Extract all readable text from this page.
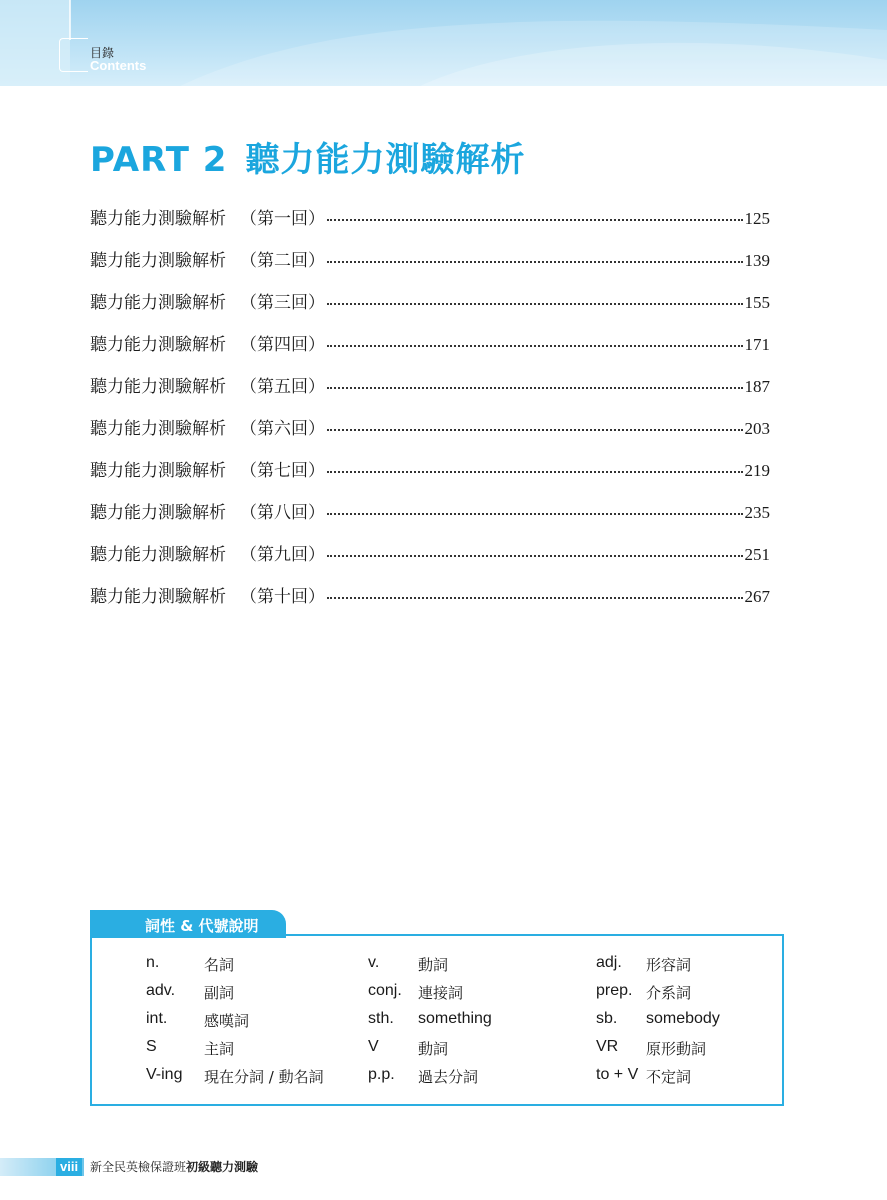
目錄
Contents
PART 2 聽力能力測驗解析
聽力能力測驗解析 （第一回）	125
聽力能力測驗解析 （第二回）	139
聽力能力測驗解析 （第三回）	155
聽力能力測驗解析 （第四回）	171
聽力能力測驗解析 （第五回）	187
聽力能力測驗解析 （第六回）	203
聽力能力測驗解析 （第七回）	219
聽力能力測驗解析 （第八回）	235
聽力能力測驗解析 （第九回）	251
聽力能力測驗解析 （第十回）	267
詞性 & 代號說明
n.	名詞	v.	動詞	adj. 形容詞
adv. 副詞	conj. 連接詞	prep. 介系詞
int. 感嘆詞	sth. something	sb. somebody
S	主詞	V	動詞	VR 原形動詞
V-ing 現在分詞 / 動名詞	p.p. 過去分詞	to + V 不定詞
viii 新全民英檢保證班初級聽力測驗
